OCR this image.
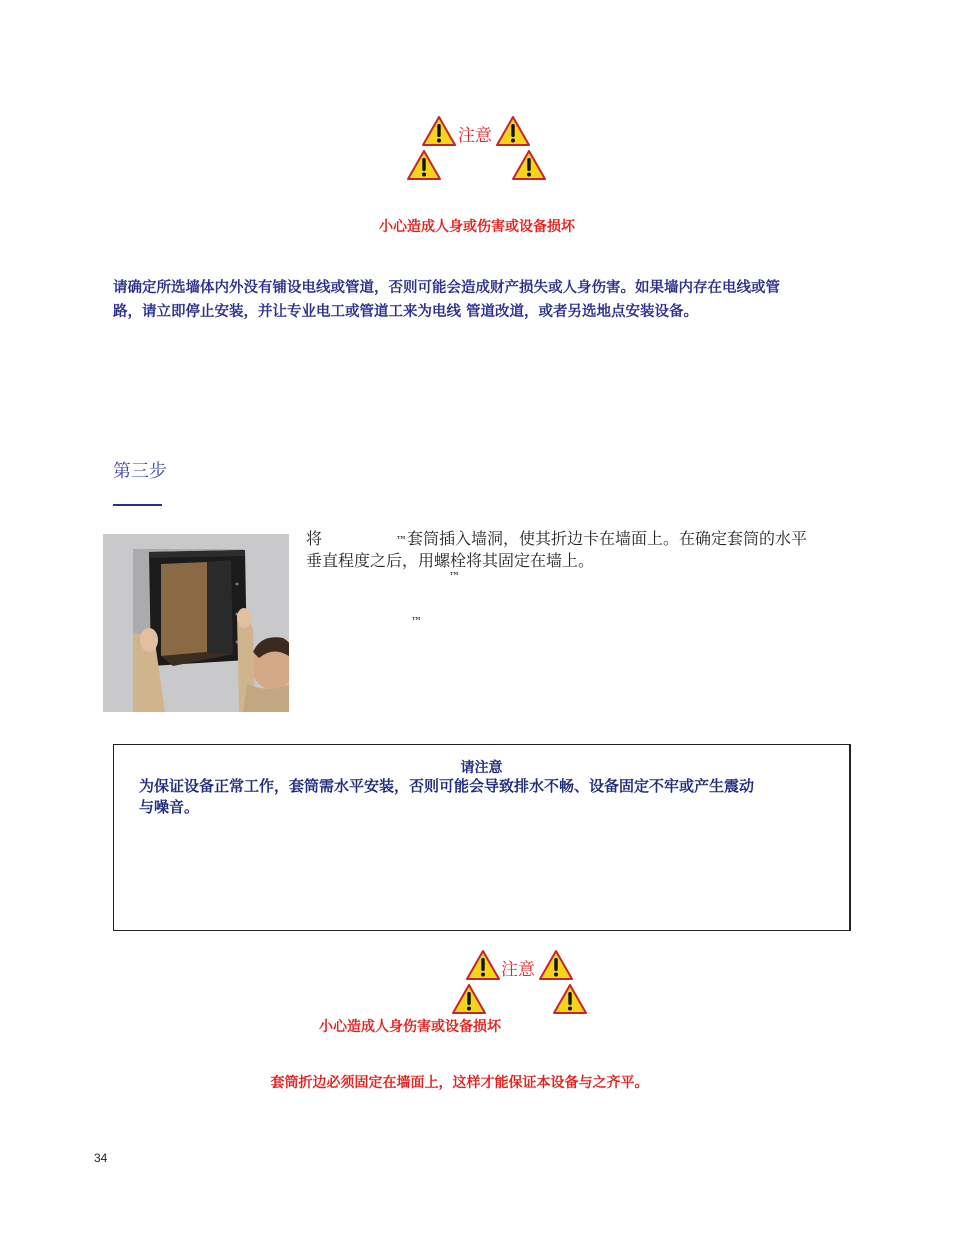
注意
小心造成人身或伤害或设备损坏
请确定所选墙体内外没有铺设电线或管道，否则可能会造成财产损失或人身伤害。如果墙内存在电线或管
路，请立即停止安装，并让专业电工或管道工来为电线 管道改道，或者另选地点安装设备。
第三步
将	™套筒插入墙洞，使其折边卡在墙面上。在确定套筒的水平
垂直程度之后，用螺栓将其固定在墙上。
™
™
请注意
为保证设备正常工作，套筒需水平安装，否则可能会导致排水不畅、设备固定不牢或产生震动
与噪音。
注意
小心造成人身伤害或设备损坏
套筒折边必须固定在墙面上，这样才能保证本设备与之齐平。
34
